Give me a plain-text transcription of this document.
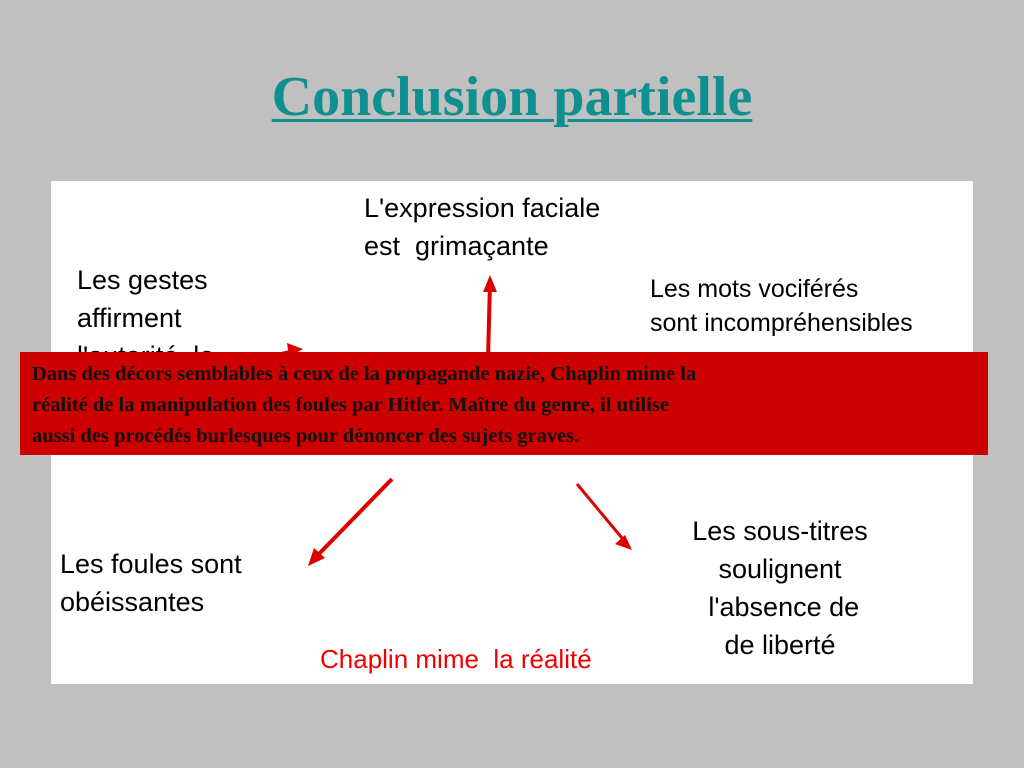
Conclusion partielle
L'expression faciale
est  grimaçante
Les gestes
affirment

Les mots vociférés
sont incompréhensibles
Les foules sont
obéissantes
Les sous-titres
soulignent
l'absence de
de liberté
Chaplin mime  la réalité

Dans des décors semblables à ceux de la propagande nazie, Chaplin mime la
réalité de la manipulation des foules par Hitler. Maître du genre, il utilise
aussi des procédés burlesques pour dénoncer des sujets graves.
